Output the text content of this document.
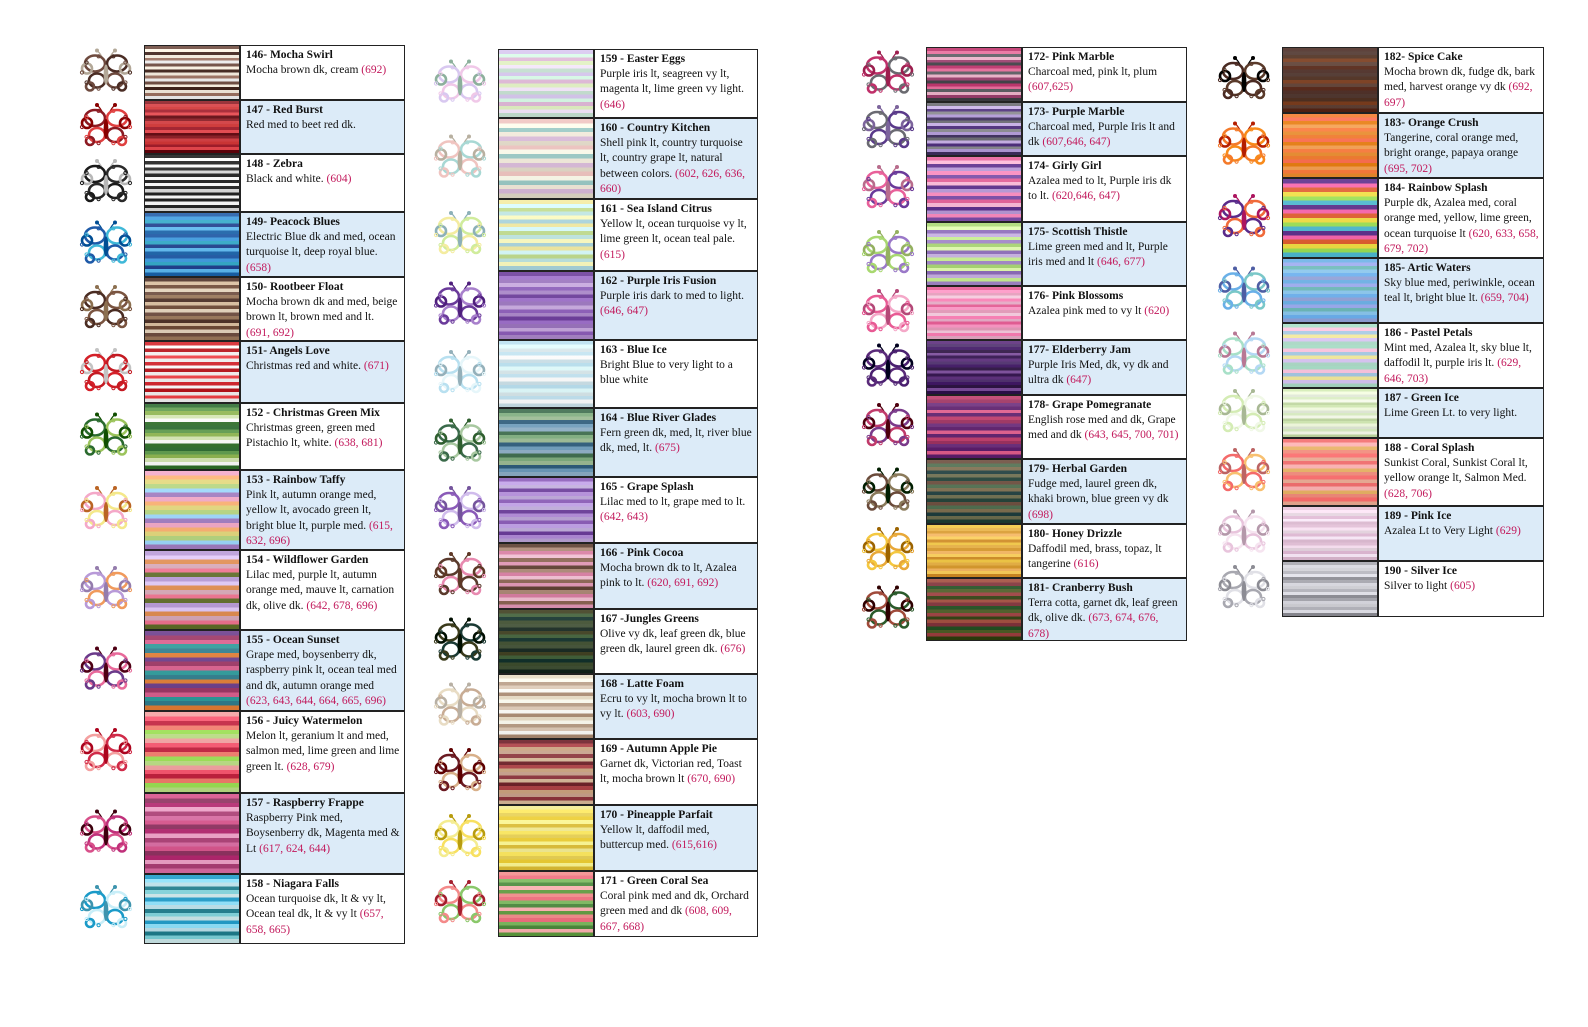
146- Mocha Swirl
Mocha brown dk, cream (692)
147 - Red Burst
Red med to beet red dk.
148 - Zebra
Black and white. (604)
149- Peacock Blues
Electric Blue dk and med, ocean turquoise lt, deep royal blue. (658)
150- Rootbeer Float
Mocha brown dk and med, beige brown lt, brown med and lt. (691, 692)
151- Angels Love
Christmas red and white. (671)
152 - Christmas Green Mix
Christmas green, green med Pistachio lt, white. (638, 681)
153 - Rainbow Taffy
Pink lt, autumn orange med, yellow lt, avocado green lt, bright blue lt, purple med. (615, 632, 696)
154 - Wildflower Garden
Lilac med, purple lt, autumn orange med, mauve lt, carnation dk, olive dk. (642, 678, 696)
155 - Ocean Sunset
Grape med, boysenberry dk, raspberry pink lt, ocean teal med and dk, autumn orange med (623, 643, 644, 664, 665, 696)
156 - Juicy Watermelon
Melon lt, geranium lt and med, salmon med, lime green and lime green lt. (628, 679)
157 - Raspberry Frappe
Raspberry Pink med, Boysenberry dk, Magenta med & Lt (617, 624, 644)
158 - Niagara Falls
Ocean turquoise dk, lt & vy lt, Ocean teal dk, lt & vy lt (657, 658, 665)
159 - Easter Eggs
Purple iris lt, seagreen vy lt, magenta lt, lime green vy light. (646)
160 - Country Kitchen
Shell pink lt, country turquoise lt, country grape lt, natural between colors. (602, 626, 636, 660)
161 - Sea Island Citrus
Yellow lt, ocean turquoise vy lt, lime green lt, ocean teal pale. (615)
162 - Purple Iris Fusion
Purple iris dark to med to light. (646, 647)
163 - Blue Ice
Bright Blue to very light to a blue white
164 - Blue River Glades
Fern green dk, med, lt, river blue dk, med, lt. (675)
165 - Grape Splash
Lilac med to lt, grape med to lt. (642, 643)
166 - Pink Cocoa
Mocha brown dk to lt, Azalea pink to lt. (620, 691, 692)
167 -Jungles Greens
Olive vy dk, leaf green dk, blue green dk, laurel green dk. (676)
168 - Latte Foam
Ecru to vy lt, mocha brown lt to vy lt. (603, 690)
169 - Autumn Apple Pie
Garnet dk, Victorian red, Toast lt, mocha brown lt (670, 690)
170 - Pineapple Parfait
Yellow lt, daffodil med, buttercup med. (615,616)
171 - Green Coral Sea
Coral pink med and dk, Orchard green med and dk (608, 609, 667, 668)
172- Pink Marble
Charcoal med, pink lt, plum (607,625)
173- Purple Marble
Charcoal med, Purple Iris lt and dk (607,646, 647)
174- Girly Girl
Azalea med to lt, Purple iris dk to lt. (620,646, 647)
175- Scottish Thistle
Lime green med and lt, Purple iris med and lt (646, 677)
176- Pink Blossoms
Azalea pink med to vy lt (620)
177- Elderberry Jam
Purple Iris Med, dk, vy dk and ultra dk (647)
178- Grape Pomegranate
English rose med and dk, Grape med and dk (643, 645, 700, 701)
179- Herbal Garden
Fudge med, laurel green dk, khaki brown, blue green vy dk (698)
180- Honey Drizzle
Daffodil med, brass, topaz, lt tangerine (616)
181- Cranberry Bush
Terra cotta, garnet dk, leaf green dk, olive dk. (673, 674, 676, 678)
182- Spice Cake
Mocha brown dk, fudge dk, bark med, harvest orange vy dk (692, 697)
183- Orange Crush
Tangerine, coral orange med, bright orange, papaya orange (695, 702)
184- Rainbow Splash
Purple dk, Azalea med, coral orange med, yellow, lime green, ocean turquoise lt (620, 633, 658, 679, 702)
185- Artic Waters
Sky blue med, periwinkle, ocean teal lt, bright blue lt. (659, 704)
186 - Pastel Petals
Mint med, Azalea lt, sky blue lt, daffodil lt, purple iris lt. (629, 646, 703)
187 - Green Ice
Lime Green Lt. to very light.
188 - Coral Splash
Sunkist Coral, Sunkist Coral lt, yellow orange lt, Salmon Med. (628, 706)
189 - Pink Ice
Azalea Lt to Very Light (629)
190 - Silver Ice
Silver to light (605)
